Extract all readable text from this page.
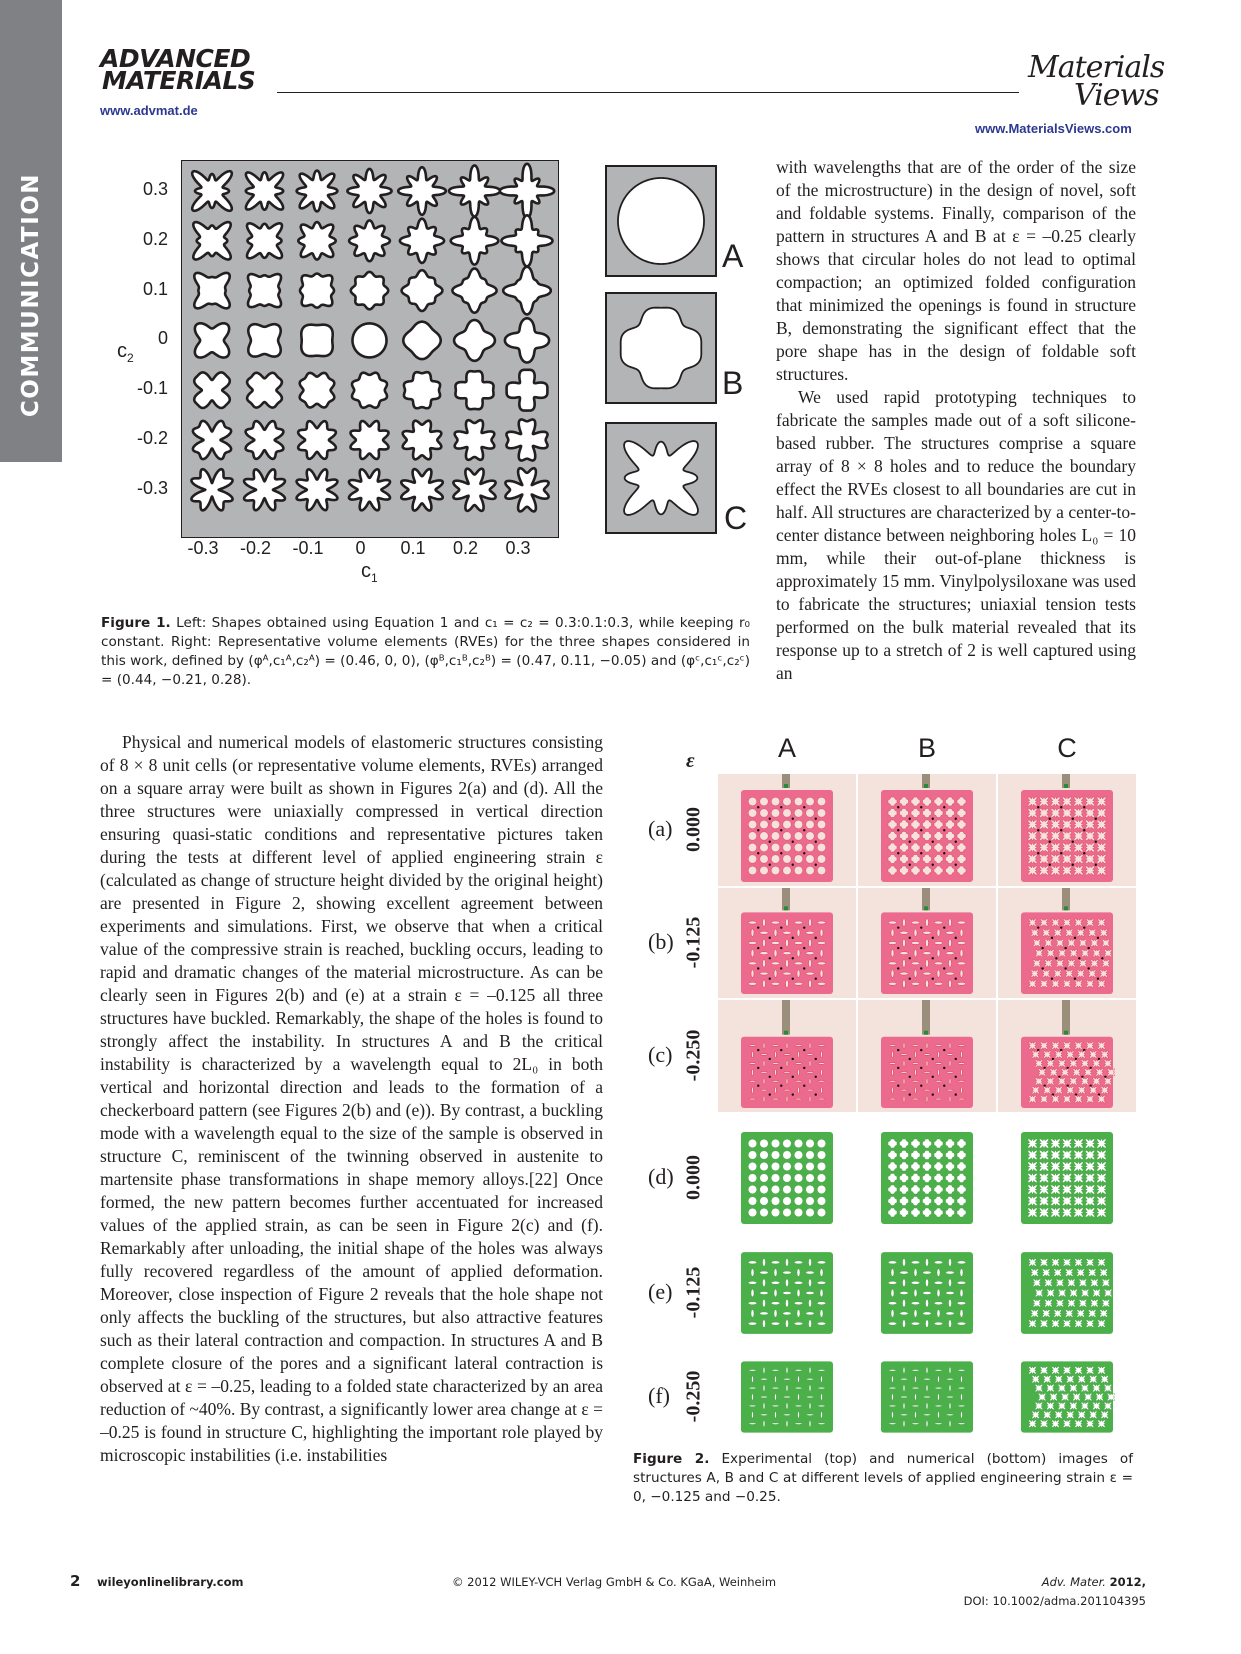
COMMUNICATION
ADVANCED
MATERIALS
www.advmat.de
Materials
Views
www.MaterialsViews.com
0.3
0.2
0.1
0
-0.1
-0.2
-0.3
-0.3	-0.2	-0.1	0	0.1	0.2	0.3
$c_2$
$c_1$
A
B
C
Figure 1. Left: Shapes obtained using Equation 1 and c₁ = c₂ = 0.3:0.1:0.3, while keeping r₀ constant. Right: Representative volume elements (RVEs) for the three shapes considered in this work, defined by (φᴬ,c₁ᴬ,c₂ᴬ) = (0.46, 0, 0), (φᴮ,c₁ᴮ,c₂ᴮ) = (0.47, 0.11, −0.05) and (φᶜ,c₁ᶜ,c₂ᶜ) = (0.44, −0.21, 0.28).

with wavelengths that are of the order of the size of the microstructure) in the design of novel, soft and foldable systems. Finally, comparison of the pattern in structures A and B at ε = –0.25 clearly shows that circular holes do not lead to optimal compaction; an optimized folded configuration that minimized the openings is found in structure B, demonstrating the significant effect that the pore shape has in the design of foldable soft structures.

We used rapid prototyping techniques to fabricate the samples made out of a soft silicone-based rubber. The structures comprise a square array of 8 × 8 holes and to reduce the boundary effect the RVEs closest to all boundaries are cut in half. All structures are characterized by a center-to-center distance between neighboring holes L₀ = 10 mm, while their out-of-plane thickness is approximately 15 mm. Vinylpolysiloxane was used to fabricate the structures; uniaxial tension tests performed on the bulk material revealed that its response up to a stretch of 2 is well captured using an

Physical and numerical models of elastomeric structures consisting of 8 × 8 unit cells (or representative volume elements, RVEs) arranged on a square array were built as shown in Figures 2(a) and (d). All the three structures were uniaxially compressed in vertical direction ensuring quasi-static conditions and representative pictures taken during the tests at different level of applied engineering strain ε (calculated as change of structure height divided by the original height) are presented in Figure 2, showing excellent agreement between experiments and simulations. First, we observe that when a critical value of the compressive strain is reached, buckling occurs, leading to rapid and dramatic changes of the material microstructure. As can be clearly seen in Figures 2(b) and (e) at a strain ε = –0.125 all three structures have buckled. Remarkably, the shape of the holes is found to strongly affect the instability. In structures A and B the critical instability is characterized by a wavelength equal to 2L₀ in both vertical and horizontal direction and leads to the formation of a checkerboard pattern (see Figures 2(b) and (e)). By contrast, a buckling mode with a wavelength equal to the size of the sample is observed in structure C, reminiscent of the twinning observed in austenite to martensite phase transformations in shape memory alloys.[22] Once formed, the new pattern becomes further accentuated for increased values of the applied strain, as can be seen in Figure 2(c) and (f). Remarkably after unloading, the initial shape of the holes was always fully recovered regardless of the amount of applied deformation. Moreover, close inspection of Figure 2 reveals that the hole shape not only affects the buckling of the structures, but also attractive features such as their lateral contraction and compaction. In structures A and B complete closure of the pores and a significant lateral contraction is observed at ε = –0.25, leading to a folded state characterized by an area reduction of ~40%. By contrast, a significantly lower area change at ε = –0.25 is found in structure C, highlighting the important role played by microscopic instabilities (i.e. instabilities

ε	A	B	C
(a) 0.000
(b) -0.125
(c) -0.250
(d) 0.000
(e) -0.125
(f) -0.250
Figure 2. Experimental (top) and numerical (bottom) images of structures A, B and C at different levels of applied engineering strain ε = 0, −0.125 and −0.25.
2 wileyonlinelibrary.com	© 2012 WILEY-VCH Verlag GmbH & Co. KGaA, Weinheim	Adv. Mater. 2012,
DOI: 10.1002/adma.201104395
